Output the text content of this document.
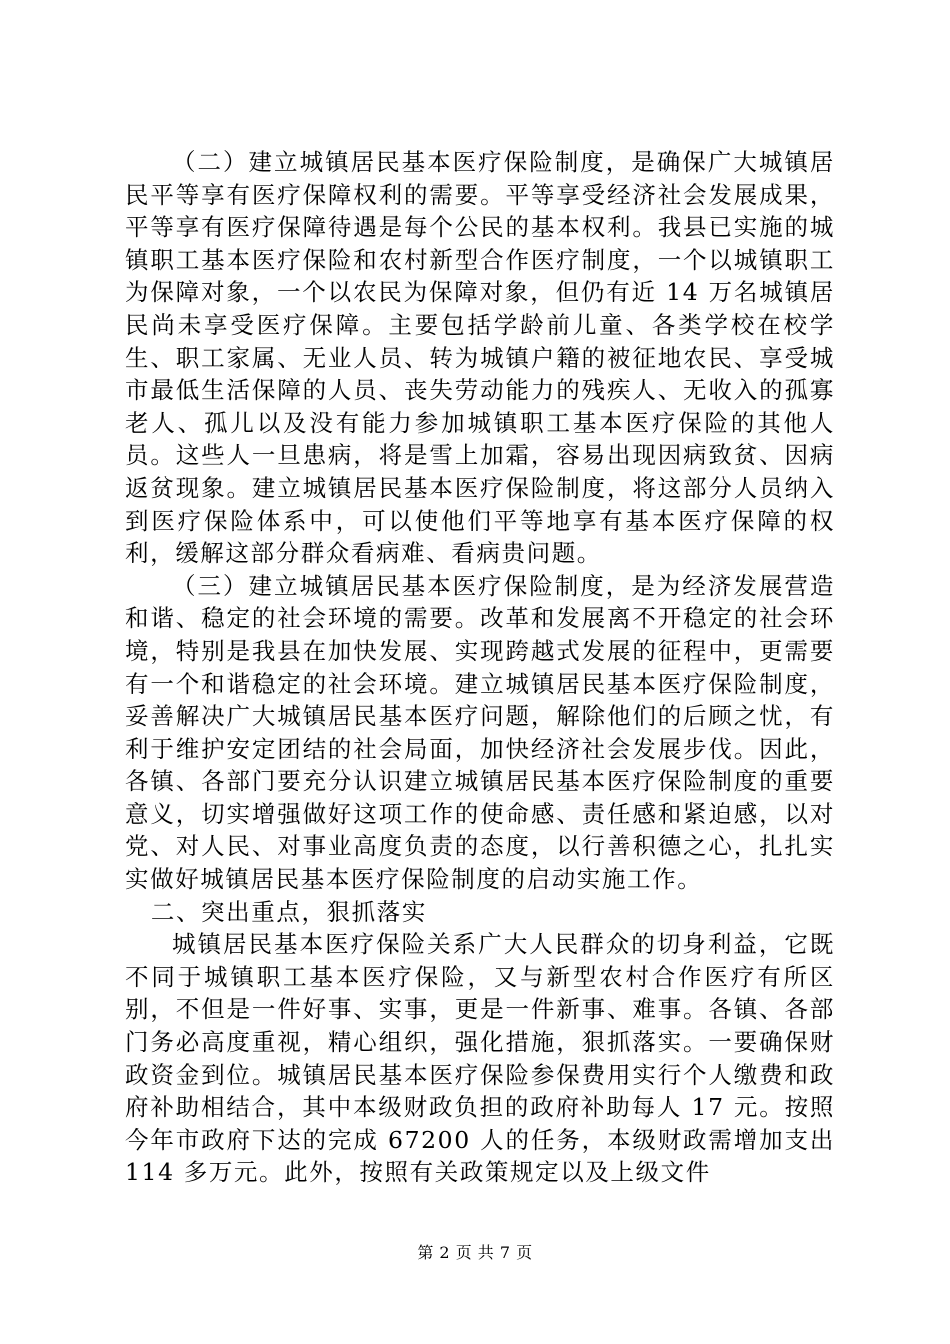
（二）建立城镇居民基本医疗保险制度，是确保广大城镇居民平等享有医疗保障权利的需要。平等享受经济社会发展成果，平等享有医疗保障待遇是每个公民的基本权利。我县已实施的城镇职工基本医疗保险和农村新型合作医疗制度，一个以城镇职工为保障对象，一个以农民为保障对象，但仍有近 14 万名城镇居民尚未享受医疗保障。主要包括学龄前儿童、各类学校在校学生、职工家属、无业人员、转为城镇户籍的被征地农民、享受城市最低生活保障的人员、丧失劳动能力的残疾人、无收入的孤寡老人、孤儿以及没有能力参加城镇职工基本医疗保险的其他人员。这些人一旦患病，将是雪上加霜，容易出现因病致贫、因病返贫现象。建立城镇居民基本医疗保险制度，将这部分人员纳入到医疗保险体系中，可以使他们平等地享有基本医疗保障的权利，缓解这部分群众看病难、看病贵问题。

（三）建立城镇居民基本医疗保险制度，是为经济发展营造和谐、稳定的社会环境的需要。改革和发展离不开稳定的社会环境，特别是我县在加快发展、实现跨越式发展的征程中，更需要有一个和谐稳定的社会环境。建立城镇居民基本医疗保险制度，妥善解决广大城镇居民基本医疗问题，解除他们的后顾之忧，有利于维护安定团结的社会局面，加快经济社会发展步伐。因此，各镇、各部门要充分认识建立城镇居民基本医疗保险制度的重要意义，切实增强做好这项工作的使命感、责任感和紧迫感，以对党、对人民、对事业高度负责的态度，以行善积德之心，扎扎实实做好城镇居民基本医疗保险制度的启动实施工作。

二、突出重点，狠抓落实

城镇居民基本医疗保险关系广大人民群众的切身利益，它既不同于城镇职工基本医疗保险，又与新型农村合作医疗有所区别，不但是一件好事、实事，更是一件新事、难事。各镇、各部门务必高度重视，精心组织，强化措施，狠抓落实。一要确保财政资金到位。城镇居民基本医疗保险参保费用实行个人缴费和政府补助相结合，其中本级财政负担的政府补助每人 17 元。按照今年市政府下达的完成 67200 人的任务，本级财政需增加支出 114 多万元。此外，按照有关政策规定以及上级文件

第 2 页 共 7 页
